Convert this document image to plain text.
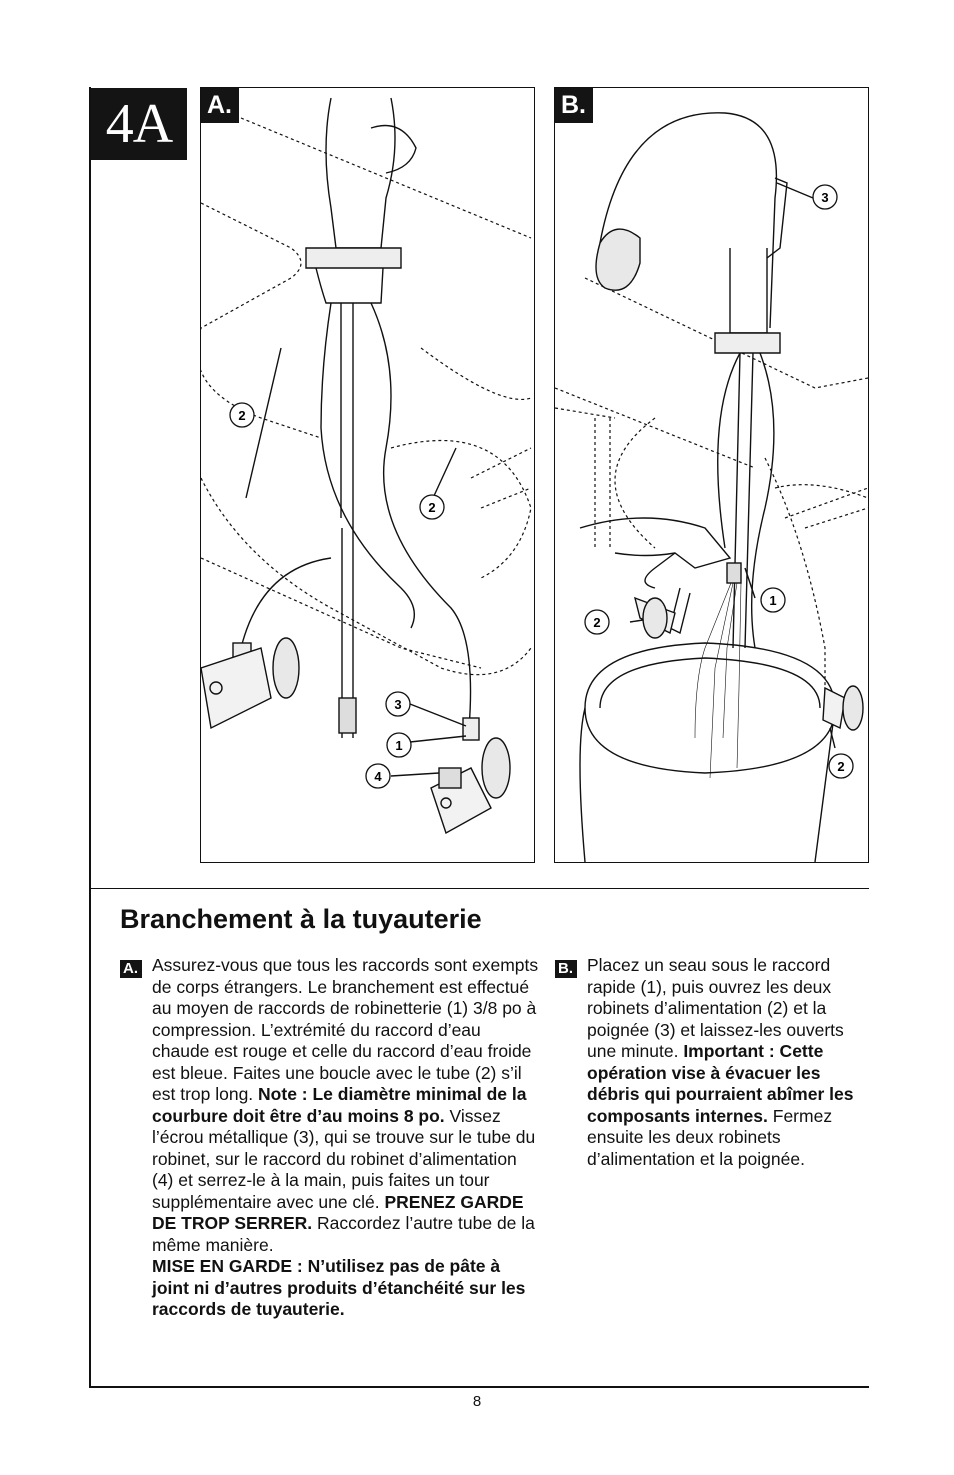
4A
2
2
3
1
4
A.
3
1
2
2
B.
Branchement à la tuyauterie
A. Assurez-vous que tous les raccords sont exempts de corps étrangers. Le branchement est effectué au moyen de raccords de robinetterie (1) 3/8 po à compression. L’extrémité du raccord d’eau chaude est rouge et celle du raccord d’eau froide est bleue. Faites une boucle avec le tube (2) s’il est trop long. Note : Le diamètre minimal de la courbure doit être d’au moins 8 po. Vissez l’écrou métallique (3), qui se trouve sur le tube du robinet, sur le raccord du robinet d’alimentation (4) et serrez-le à la main, puis faites un tour supplémentaire avec une clé. PRENEZ GARDE DE TROP SERRER. Raccordez l’autre tube de la même manière.
MISE EN GARDE : N’utilisez pas de pâte à joint ni d’autres produits d’étanchéité sur les raccords de tuyauterie.
B. Placez un seau sous le raccord rapide (1), puis ouvrez les deux robinets d’alimentation (2) et la poignée (3) et laissez-les ouverts une minute. Important : Cette opération vise à évacuer les débris qui pourraient abîmer les composants internes. Fermez ensuite les deux robinets d’alimentation et la poignée.
8
